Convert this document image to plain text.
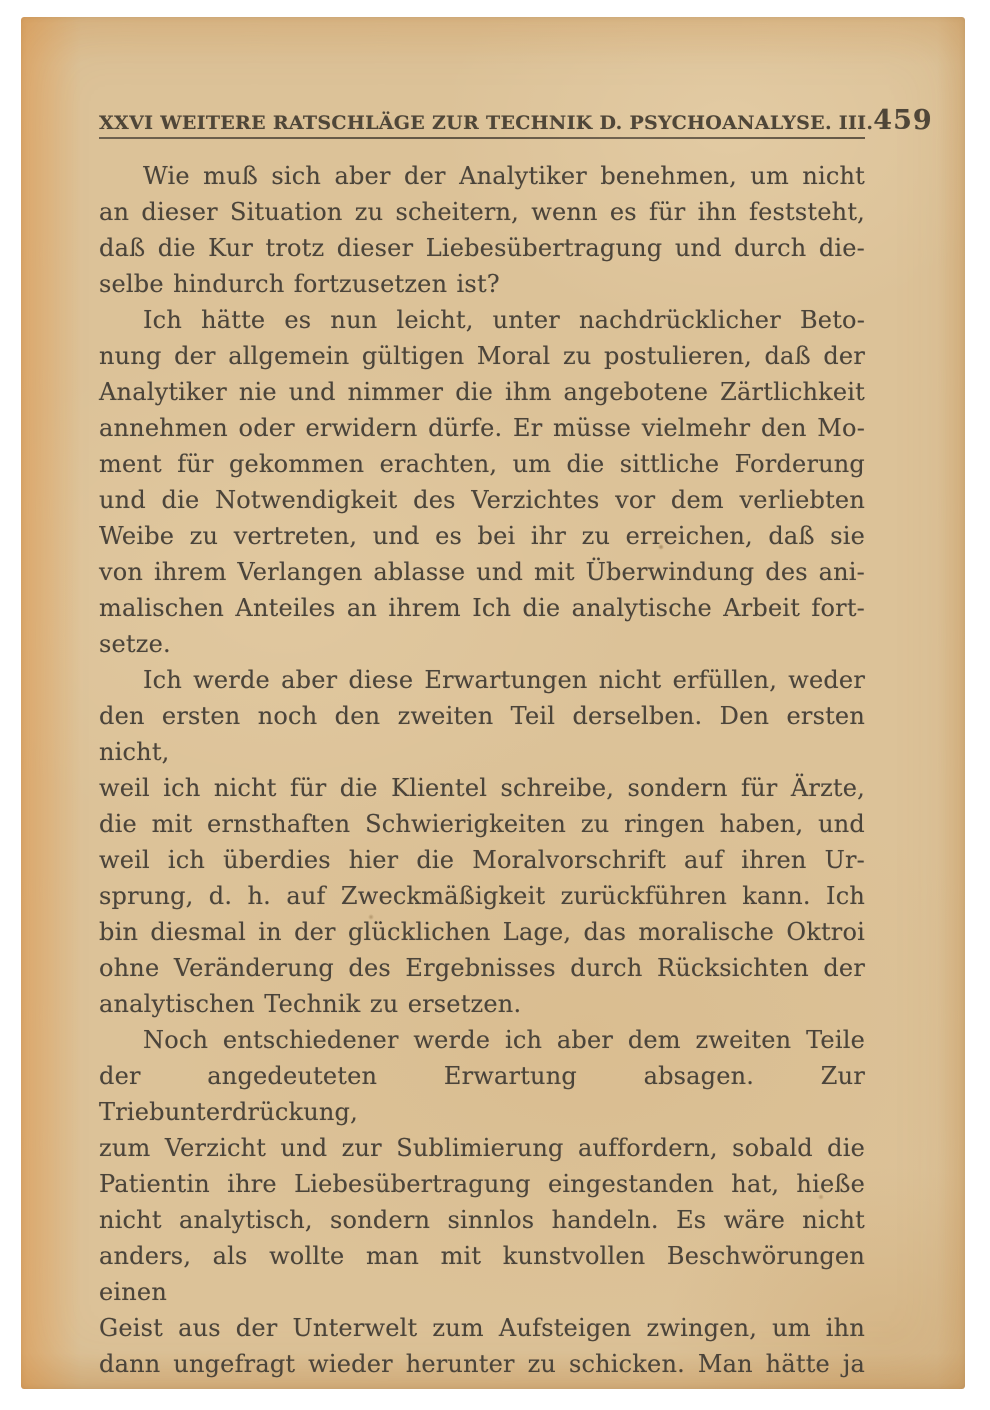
XXVI WEITERE RATSCHLÄGE ZUR TECHNIK D. PSYCHOANALYSE. III. 459
Wie muß sich aber der Analytiker benehmen, um nicht
an dieser Situation zu scheitern, wenn es für ihn feststeht,
daß die Kur trotz dieser Liebesübertragung und durch die-
selbe hindurch fortzusetzen ist?
Ich hätte es nun leicht, unter nachdrücklicher Beto-
nung der allgemein gültigen Moral zu postulieren, daß der
Analytiker nie und nimmer die ihm angebotene Zärtlichkeit
annehmen oder erwidern dürfe. Er müsse vielmehr den Mo-
ment für gekommen erachten, um die sittliche Forderung
und die Notwendigkeit des Verzichtes vor dem verliebten
Weibe zu vertreten, und es bei ihr zu erreichen, daß sie
von ihrem Verlangen ablasse und mit Überwindung des ani-
malischen Anteiles an ihrem Ich die analytische Arbeit fort-
setze.
Ich werde aber diese Erwartungen nicht erfüllen, weder
den ersten noch den zweiten Teil derselben. Den ersten nicht,
weil ich nicht für die Klientel schreibe, sondern für Ärzte,
die mit ernsthaften Schwierigkeiten zu ringen haben, und
weil ich überdies hier die Moralvorschrift auf ihren Ur-
sprung, d. h. auf Zweckmäßigkeit zurückführen kann. Ich
bin diesmal in der glücklichen Lage, das moralische Oktroi
ohne Veränderung des Ergebnisses durch Rücksichten der
analytischen Technik zu ersetzen.
Noch entschiedener werde ich aber dem zweiten Teile
der angedeuteten Erwartung absagen. Zur Triebunterdrückung,
zum Verzicht und zur Sublimierung auffordern, sobald die
Patientin ihre Liebesübertragung eingestanden hat, hieße
nicht analytisch, sondern sinnlos handeln. Es wäre nicht
anders, als wollte man mit kunstvollen Beschwörungen einen
Geist aus der Unterwelt zum Aufsteigen zwingen, um ihn
dann ungefragt wieder herunter zu schicken. Man hätte ja
